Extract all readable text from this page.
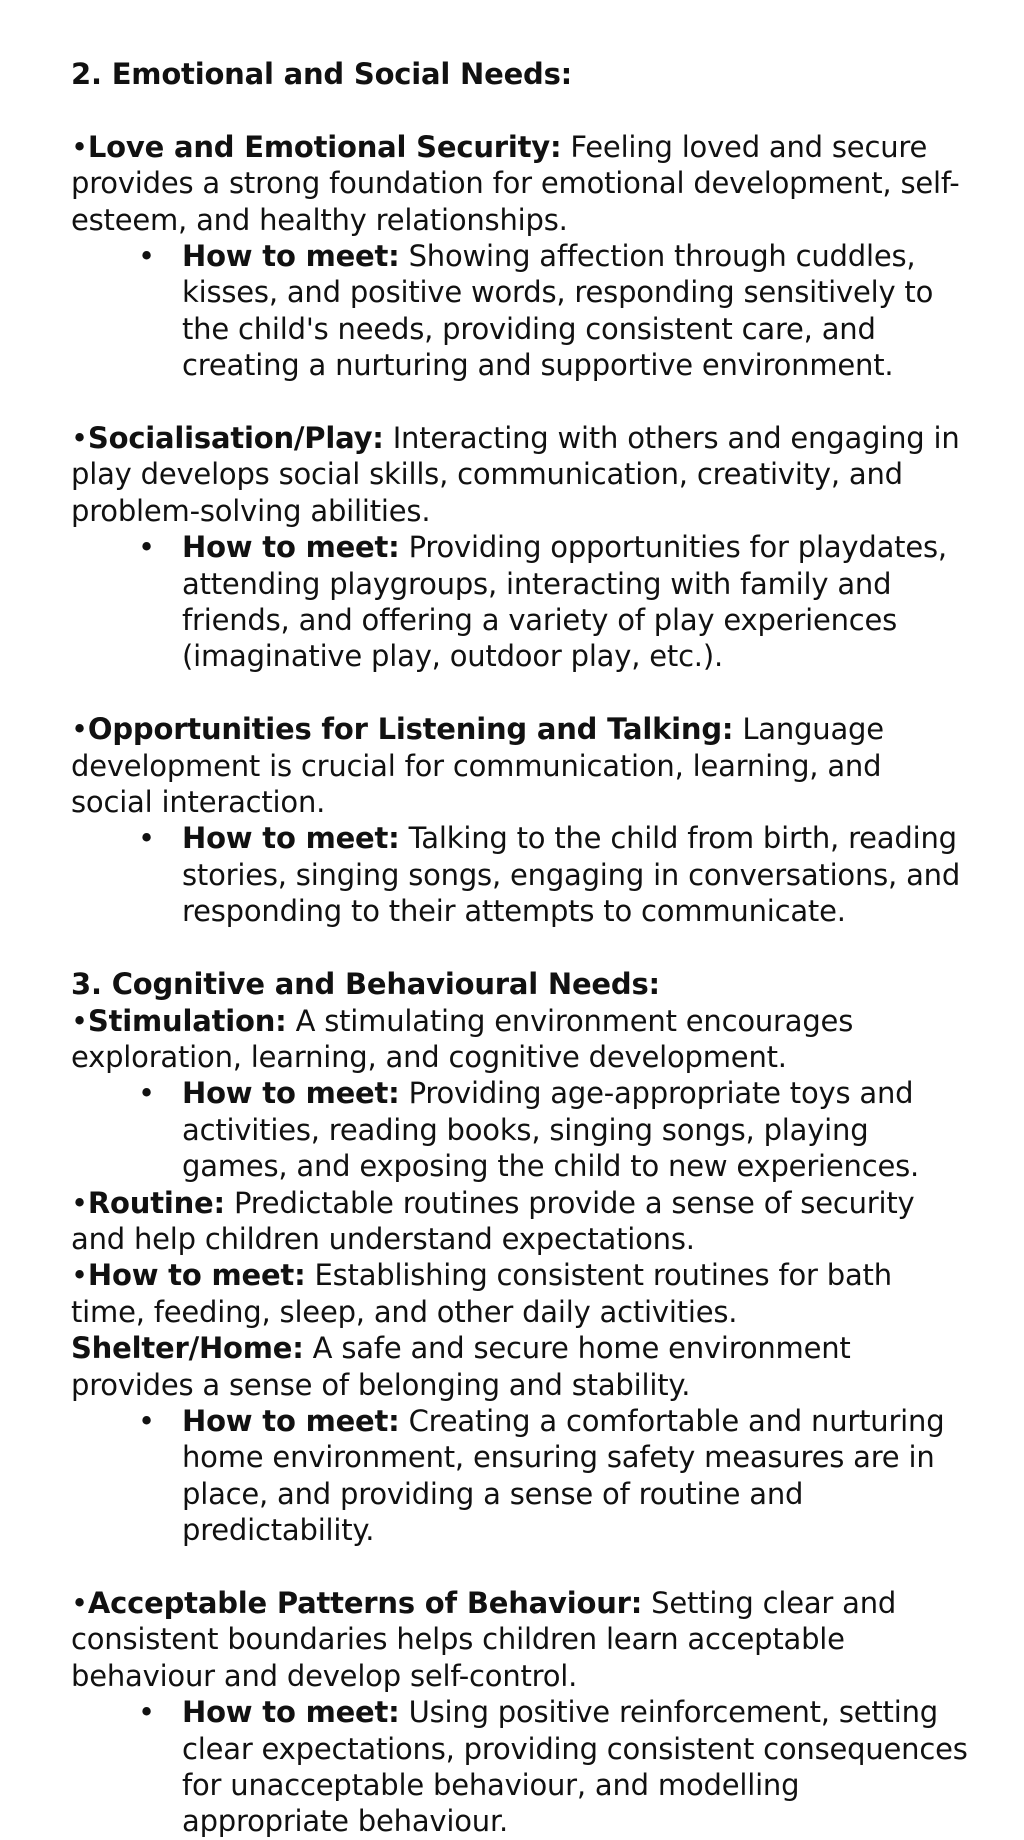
2. Emotional and Social Needs:

•Love and Emotional Security: Feeling loved and secure provides a strong foundation for emotional development, self-esteem, and healthy relationships.

• How to meet: Showing affection through cuddles, kisses, and positive words, responding sensitively to the child's needs, providing consistent care, and creating a nurturing and supportive environment.

•Socialisation/Play: Interacting with others and engaging in play develops social skills, communication, creativity, and problem-solving abilities.

• How to meet: Providing opportunities for playdates, attending playgroups, interacting with family and friends, and offering a variety of play experiences (imaginative play, outdoor play, etc.).

•Opportunities for Listening and Talking: Language development is crucial for communication, learning, and social interaction.

• How to meet: Talking to the child from birth, reading stories, singing songs, engaging in conversations, and responding to their attempts to communicate.

3. Cognitive and Behavioural Needs:

•Stimulation: A stimulating environment encourages exploration, learning, and cognitive development.

• How to meet: Providing age-appropriate toys and activities, reading books, singing songs, playing games, and exposing the child to new experiences.

•Routine: Predictable routines provide a sense of security and help children understand expectations.

•How to meet: Establishing consistent routines for bath time, feeding, sleep, and other daily activities. Shelter/Home: A safe and secure home environment provides a sense of belonging and stability.

• How to meet: Creating a comfortable and nurturing home environment, ensuring safety measures are in place, and providing a sense of routine and predictability.

•Acceptable Patterns of Behaviour: Setting clear and consistent boundaries helps children learn acceptable behaviour and develop self-control.

• How to meet: Using positive reinforcement, setting clear expectations, providing consistent consequences for unacceptable behaviour, and modelling appropriate behaviour.
